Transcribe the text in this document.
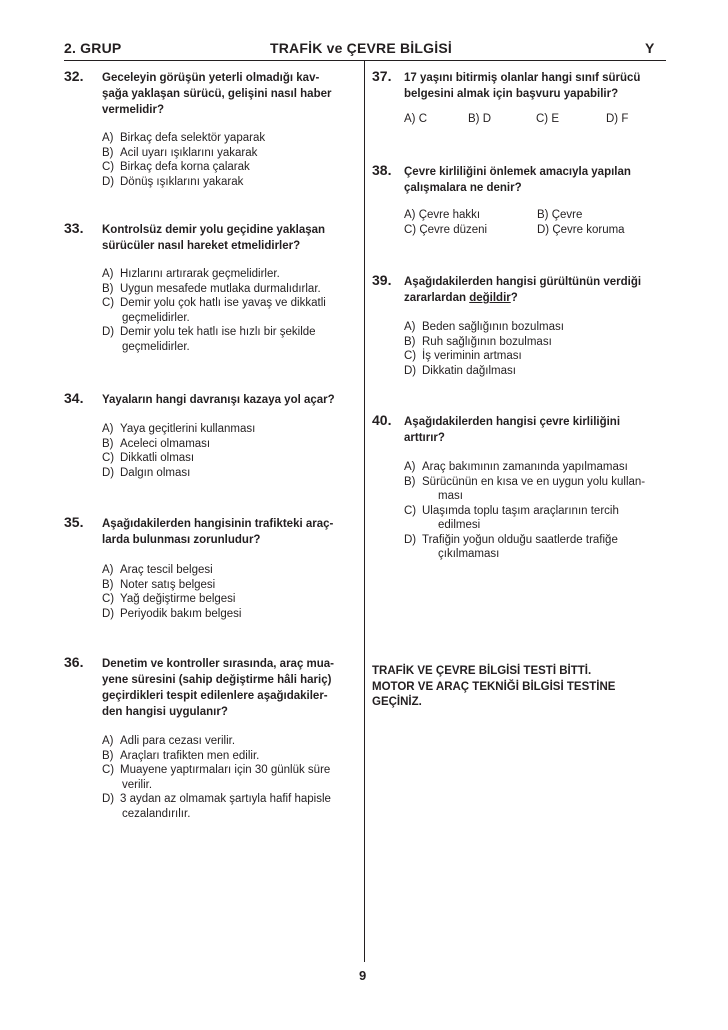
2. GRUP	TRAFİK ve ÇEVRE BİLGİSİ	Y
32. Geceleyin görüşün yeterli olmadığı kav-
şağa yaklaşan sürücü, gelişini nasıl haber
vermelidir?
A) Birkaç defa selektör yaparak
B) Acil uyarı ışıklarını yakarak
C) Birkaç defa korna çalarak
D) Dönüş ışıklarını yakarak
33. Kontrolsüz demir yolu geçidine yaklaşan
sürücüler nasıl hareket etmelidirler?
A) Hızlarını artırarak geçmelidirler.
B) Uygun mesafede mutlaka durmalıdırlar.
C) Demir yolu çok hatlı ise yavaş ve dikkatli
geçmelidirler.
D) Demir yolu tek hatlı ise hızlı bir şekilde
geçmelidirler.
34. Yayaların hangi davranışı kazaya yol açar?
A) Yaya geçitlerini kullanması
B) Aceleci olmaması
C) Dikkatli olması
D) Dalgın olması
35. Aşağıdakilerden hangisinin trafikteki araç-
larda bulunması zorunludur?
A) Araç tescil belgesi
B) Noter satış belgesi
C) Yağ değiştirme belgesi
D) Periyodik bakım belgesi
36. Denetim ve kontroller sırasında, araç mua-
yene süresini (sahip değiştirme hâli hariç)
geçirdikleri tespit edilenlere aşağıdakiler-
den hangisi uygulanır?
A) Adli para cezası verilir.
B) Araçları trafikten men edilir.
C) Muayene yaptırmaları için 30 günlük süre
verilir.
D) 3 aydan az olmamak şartıyla hafif hapisle
cezalandırılır.
37. 17 yaşını bitirmiş olanlar hangi sınıf sürücü
belgesini almak için başvuru yapabilir?
A) C	B) D	C) E	D) F
38. Çevre kirliliğini önlemek amacıyla yapılan
çalışmalara ne denir?
A) Çevre hakkı	B) Çevre
C) Çevre düzeni	D) Çevre koruma
39. Aşağıdakilerden hangisi gürültünün verdiği
zararlardan değildir?
A) Beden sağlığının bozulması
B) Ruh sağlığının bozulması
C) İş veriminin artması
D) Dikkatin dağılması
40. Aşağıdakilerden hangisi çevre kirliliğini
arttırır?
A) Araç bakımının zamanında yapılmaması
B) Sürücünün en kısa ve en uygun yolu kullan-
ması
C) Ulaşımda toplu taşım araçlarının tercih
edilmesi
D) Trafiğin yoğun olduğu saatlerde trafiğe
çıkılmaması
TRAFİK VE ÇEVRE BİLGİSİ TESTİ BİTTİ.
MOTOR VE ARAÇ TEKNİĞİ BİLGİSİ TESTİNE
GEÇİNİZ.
9
